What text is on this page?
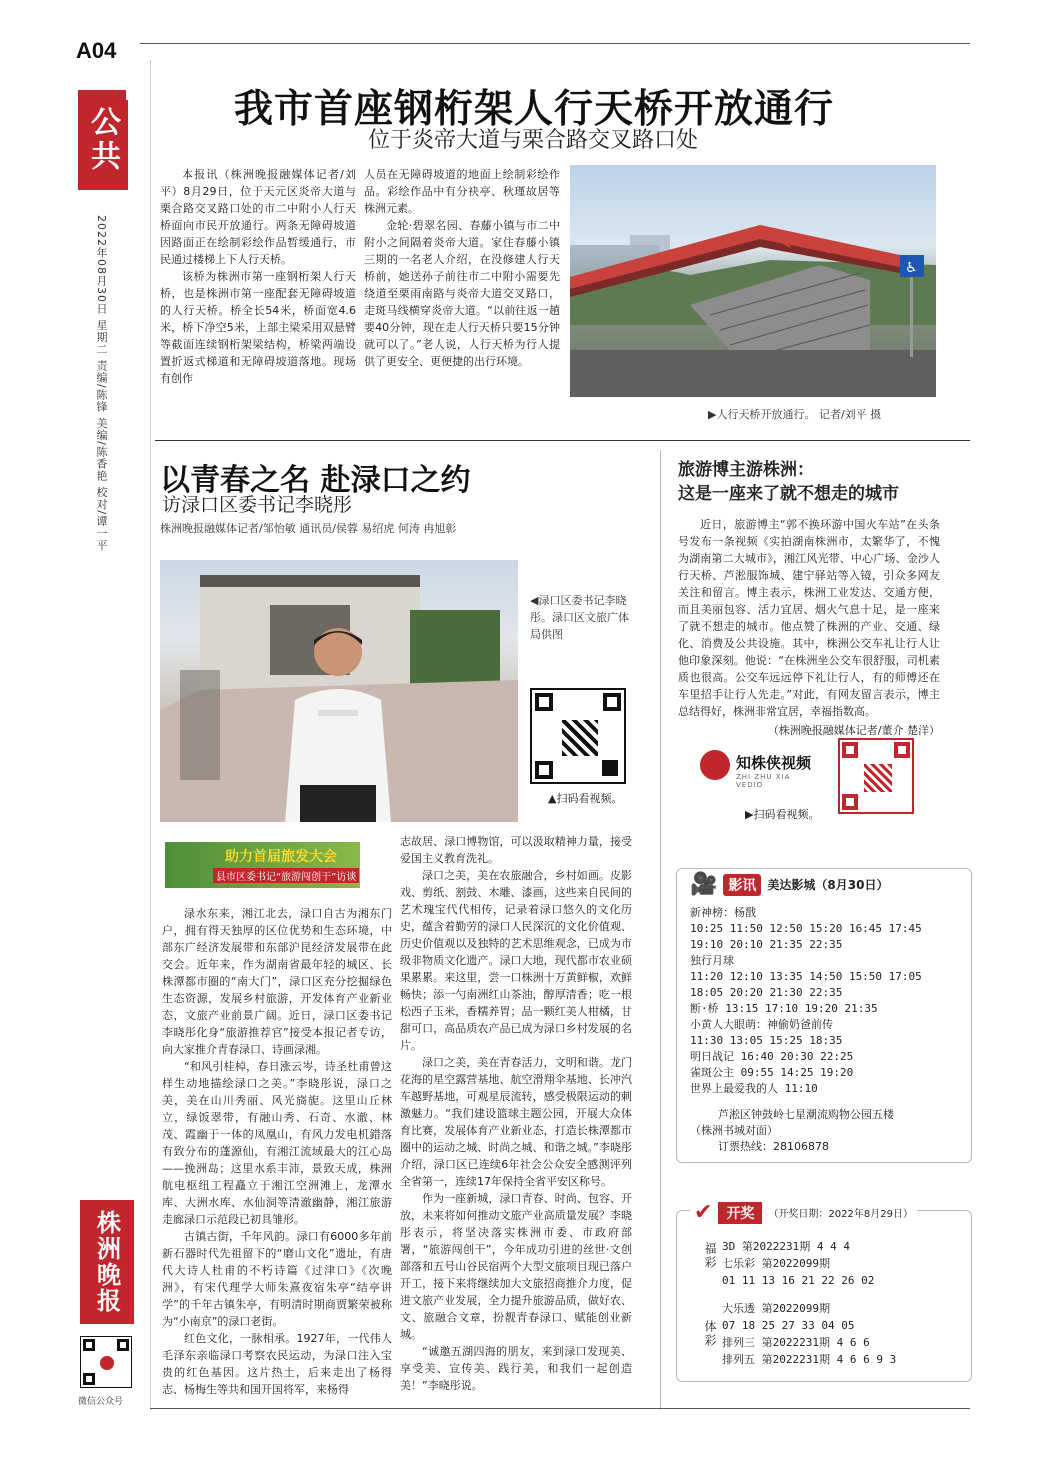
A04
公共
2022年08月30日 星期二 责编/陈锋 美编/陈香艳 校对/谭一平
我市首座钢桁架人行天桥开放通行
位于炎帝大道与栗合路交叉路口处

本报讯（株洲晚报融媒体记者/刘平）8月29日，位于天元区炎帝大道与栗合路交叉路口处的市二中附小人行天桥面向市民开放通行。两条无障碍坡道因路面正在绘制彩绘作品暂缓通行，市民通过楼梯上下人行天桥。

该桥为株洲市第一座钢桁架人行天桥，也是株洲市第一座配套无障碍坡道的人行天桥。桥全长54米，桥面宽4.6米，桥下净空5米，上部主梁采用双悬臂等截面连续钢桁架梁结构，桥梁两端设置折返式梯道和无障碍坡道落地。现场有创作

人员在无障碍坡道的地面上绘制彩绘作品。彩绘作品中有分袂亭、秋瑾故居等株洲元素。

金轮·碧翠名园、春藤小镇与市二中附小之间隔着炎帝大道。家住春藤小镇三期的一名老人介绍，在没修建人行天桥前，她送孙子前往市二中附小需要先绕道至栗雨南路与炎帝大道交叉路口，走斑马线横穿炎帝大道。“以前往返一趟要40分钟，现在走人行天桥只要15分钟就可以了。”老人说，人行天桥为行人提供了更安全、更便捷的出行环境。

♿
▶人行天桥开放通行。 记者/刘平 摄
以青春之名 赴渌口之约
访渌口区委书记李晓彤
株洲晚报融媒体记者/邹怡敏 通讯员/侯蓉 易绍虎 何涛 冉旭彰
◀渌口区委书记李晓彤。渌口区文旅广体局供图
▲扫码看视频。
助力首届旅发大会
县市区委书记“旅游闯创干”访谈

渌水东来，湘江北去，渌口自古为湘东门户，拥有得天独厚的区位优势和生态环境，中部东广经济发展带和东部沪昆经济发展带在此交会。近年来，作为湖南省最年轻的城区、长株潭都市圈的“南大门”，渌口区充分挖掘绿色生态资源，发展乡村旅游，开发体育产业新业态，文旅产业前景广阔。近日，渌口区委书记李晓彤化身“旅游推荐官”接受本报记者专访，向大家推介青春渌口、诗画渌湘。

“和风引桂棹，春日涨云岑，诗圣杜甫曾这样生动地描绘渌口之美。”李晓彤说，渌口之美，美在山川秀丽、风光旖旎。这里山丘林立，绿饭翠带，有融山秀、石奇、水澈、林茂、霞幽于一体的凤凰山，有风力发电机錯落有致分布的蓬源仙，有湘江流域最大的江心岛——挽洲岛；这里水系丰沛，景致天成，株洲航电枢纽工程矗立于湘江空洲滩上，龙潭水库、大洲水库、水仙洞等清澈幽静，湘江旅游走廊渌口示范段已初具雏形。

古镇古街，千年风韵。渌口有6000多年前新石器时代先祖留下的“磨山文化”遗址，有唐代大诗人杜甫的不朽诗篇《过津口》《次晚洲》，有宋代理学大师朱熹夜宿朱亭“结亭讲学”的千年古镇朱亭，有明清时期商贾繁荣被称为“小南京”的渌口老街。

红色文化，一脉相承。1927年，一代伟人毛泽东亲临渌口考察农民运动，为渌口注入宝贵的红色基因。这片热土，后来走出了杨得志、杨梅生等共和国开国将军，来杨得

志故居、渌口博物馆，可以汲取精神力量，接受爱国主义教育洗礼。

渌口之美，美在农旅融合，乡村如画。皮影戏、剪纸、割鼓、木雕、漆画，这些来自民间的艺术瑰宝代代相传，记录着渌口悠久的文化历史，蕴含着勤劳的渌口人民深沉的文化价值观、历史价值观以及独特的艺术思维观念，已成为市级非物质文化遗产。渌口大地，现代都市农业硕果累累。来这里，尝一口株洲十万黄鲜椒，欢鲜畅快；添一勺南洲红山茶油，醇厚清香；吃一根松西子玉米，香糯养胃；品一颗红美人柑橘，甘甜可口，高品质农产品已成为渌口乡村发展的名片。

渌口之美，美在青春活力，文明和谐。龙门花海的星空露营基地、航空滑翔伞基地、长冲汽车越野基地，可观星辰流转，感受极限运动的刺激魅力。“我们建设篮球主题公园，开展大众体育比赛，发展体育产业新业态，打造长株潭都市圈中的运动之城、时尚之城、和谐之城。”李晓彤介绍，渌口区已连续6年社会公众安全感测评列全省第一，连续17年保持全省平安区称号。

作为一座新城，渌口青春、时尚、包容、开放，未来将如何推动文旅产业高质量发展？李晓彤表示，将坚决落实株洲市委、市政府部署，“旅游闯创干”，今年成功引进的丝世·文创部落和五号山谷民宿两个大型文旅项目现已落户开工，接下来将继续加大文旅招商推介力度，促进文旅产业发展，全力提升旅游品质，做好农、文、旅融合文章，扮靓青春渌口、赋能创业新城。

“诚邀五湖四海的朋友，来到渌口发现美、享受美、宣传美、践行美，和我们一起创造美！”李晓彤说。

旅游博主游株洲：
这是一座来了就不想走的城市

近日，旅游博主“郭不换环游中国火车站”在头条号发布一条视频《实拍湖南株洲市，太繁华了，不愧为湖南第二大城市》，湘江风光带、中心广场、金沙人行天桥、芦淞服饰城、建宁驿站等入镜，引众多网友关注和留言。博主表示，株洲工业发达、交通方便，而且美丽包容、活力宜居、烟火气息十足，是一座来了就不想走的城市。他点赞了株洲的产业、交通、绿化、消费及公共设施。其中，株洲公交车礼让行人让他印象深刻。他说：“在株洲坐公交车很舒服，司机素质也很高。公交车远远停下礼让行人，有的师傅还在车里招手让行人先走。”对此，有网友留言表示，博主总结得好，株洲非常宜居，幸福指数高。

（株洲晚报融媒体记者/董介 楚洋）
知株侠视频
ZHI ZHU XIA VEDIO
▶扫码看视频。
🎥 影讯 美达影城（8月30日）
新神榜：杨戬
10:25 11:50 12:50 15:20 16:45 17:45
19:10 20:10 21:35 22:35
独行月球
11:20 12:10 13:35 14:50 15:50 17:05
18:05 20:20 21:30 22:35
断·桥 13:15 17:10 19:20 21:35
小黄人大眼萌：神偷奶爸前传
11:30 13:05 15:25 18:35
明日战记 16:40 20:30 22:25
雀斑公主 09:55 14:25 19:20
世界上最爱我的人 11:10
芦淞区钟鼓岭七星潮流购物公园五楼
（株洲书城对面）
订票热线：28106878
✔	开奖	（开奖日期：2022年8月29日）
福彩 3D 第2022231期 4 4 4
七乐彩 第2022099期
01 11 13 16 21 22 26 02
体彩
大乐透 第2022099期
07 18 25 27 33 04 05
排列三 第2022231期 4 6 6
排列五 第2022231期 4 6 6 9 3
株洲晚报
微信公众号
